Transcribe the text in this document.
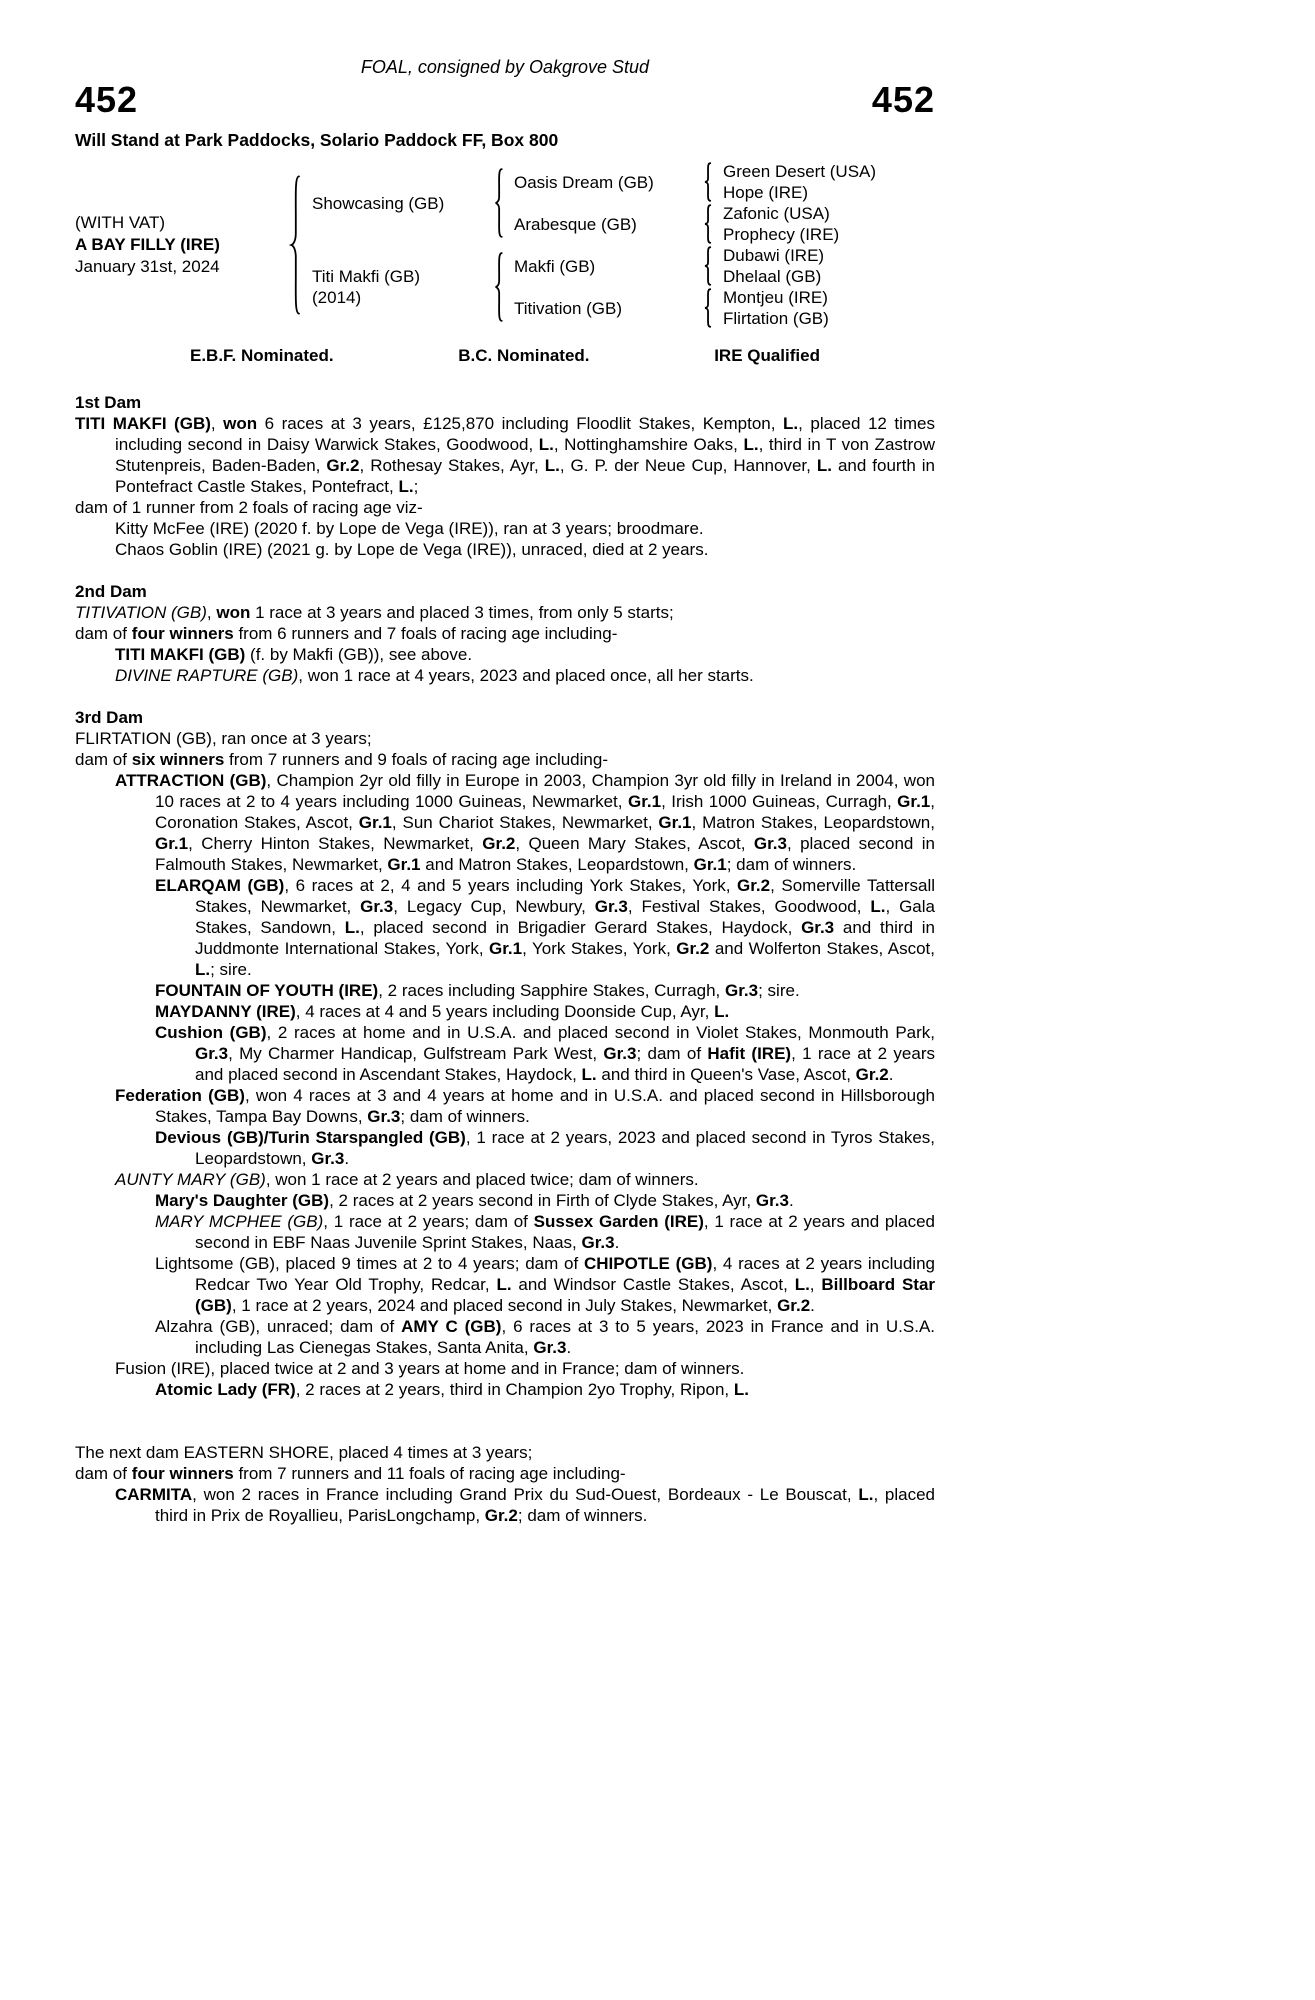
FOAL, consigned by Oakgrove Stud
452	452
Will Stand at Park Paddocks, Solario Paddock FF, Box 800
(WITH VAT)
A BAY FILLY (IRE)
January 31st, 2024
Showcasing (GB)
Oasis Dream (GB)
Green Desert (USA)
Hope (IRE)
Arabesque (GB)
Zafonic (USA)
Prophecy (IRE)
Titi Makfi (GB)
(2014)
Makfi (GB)
Dubawi (IRE)
Dhelaal (GB)
Titivation (GB)
Montjeu (IRE)
Flirtation (GB)
E.B.F. Nominated.	B.C. Nominated.	IRE Qualified
1st Dam

TITI MAKFI (GB), won 6 races at 3 years, £125,870 including Floodlit Stakes, Kempton, L., placed 12 times including second in Daisy Warwick Stakes, Goodwood, L., Nottinghamshire Oaks, L., third in T von Zastrow Stutenpreis, Baden-Baden, Gr.2, Rothesay Stakes, Ayr, L., G. P. der Neue Cup, Hannover, L. and fourth in Pontefract Castle Stakes, Pontefract, L.;

dam of 1 runner from 2 foals of racing age viz-

Kitty McFee (IRE) (2020 f. by Lope de Vega (IRE)), ran at 3 years; broodmare.

Chaos Goblin (IRE) (2021 g. by Lope de Vega (IRE)), unraced, died at 2 years.

2nd Dam

TITIVATION (GB), won 1 race at 3 years and placed 3 times, from only 5 starts;

dam of four winners from 6 runners and 7 foals of racing age including-

TITI MAKFI (GB) (f. by Makfi (GB)), see above.

DIVINE RAPTURE (GB), won 1 race at 4 years, 2023 and placed once, all her starts.

3rd Dam

FLIRTATION (GB), ran once at 3 years;

dam of six winners from 7 runners and 9 foals of racing age including-

ATTRACTION (GB), Champion 2yr old filly in Europe in 2003, Champion 3yr old filly in Ireland in 2004, won 10 races at 2 to 4 years including 1000 Guineas, Newmarket, Gr.1, Irish 1000 Guineas, Curragh, Gr.1, Coronation Stakes, Ascot, Gr.1, Sun Chariot Stakes, Newmarket, Gr.1, Matron Stakes, Leopardstown, Gr.1, Cherry Hinton Stakes, Newmarket, Gr.2, Queen Mary Stakes, Ascot, Gr.3, placed second in Falmouth Stakes, Newmarket, Gr.1 and Matron Stakes, Leopardstown, Gr.1; dam of winners.

ELARQAM (GB), 6 races at 2, 4 and 5 years including York Stakes, York, Gr.2, Somerville Tattersall Stakes, Newmarket, Gr.3, Legacy Cup, Newbury, Gr.3, Festival Stakes, Goodwood, L., Gala Stakes, Sandown, L., placed second in Brigadier Gerard Stakes, Haydock, Gr.3 and third in Juddmonte International Stakes, York, Gr.1, York Stakes, York, Gr.2 and Wolferton Stakes, Ascot, L.; sire.

FOUNTAIN OF YOUTH (IRE), 2 races including Sapphire Stakes, Curragh, Gr.3; sire.

MAYDANNY (IRE), 4 races at 4 and 5 years including Doonside Cup, Ayr, L.

Cushion (GB), 2 races at home and in U.S.A. and placed second in Violet Stakes, Monmouth Park, Gr.3, My Charmer Handicap, Gulfstream Park West, Gr.3; dam of Hafit (IRE), 1 race at 2 years and placed second in Ascendant Stakes, Haydock, L. and third in Queen's Vase, Ascot, Gr.2.

Federation (GB), won 4 races at 3 and 4 years at home and in U.S.A. and placed second in Hillsborough Stakes, Tampa Bay Downs, Gr.3; dam of winners.

Devious (GB)/Turin Starspangled (GB), 1 race at 2 years, 2023 and placed second in Tyros Stakes, Leopardstown, Gr.3.

AUNTY MARY (GB), won 1 race at 2 years and placed twice; dam of winners.

Mary's Daughter (GB), 2 races at 2 years second in Firth of Clyde Stakes, Ayr, Gr.3.

MARY MCPHEE (GB), 1 race at 2 years; dam of Sussex Garden (IRE), 1 race at 2 years and placed second in EBF Naas Juvenile Sprint Stakes, Naas, Gr.3.

Lightsome (GB), placed 9 times at 2 to 4 years; dam of CHIPOTLE (GB), 4 races at 2 years including Redcar Two Year Old Trophy, Redcar, L. and Windsor Castle Stakes, Ascot, L., Billboard Star (GB), 1 race at 2 years, 2024 and placed second in July Stakes, Newmarket, Gr.2.

Alzahra (GB), unraced; dam of AMY C (GB), 6 races at 3 to 5 years, 2023 in France and in U.S.A. including Las Cienegas Stakes, Santa Anita, Gr.3.

Fusion (IRE), placed twice at 2 and 3 years at home and in France; dam of winners.

Atomic Lady (FR), 2 races at 2 years, third in Champion 2yo Trophy, Ripon, L.

The next dam EASTERN SHORE, placed 4 times at 3 years;

dam of four winners from 7 runners and 11 foals of racing age including-

CARMITA, won 2 races in France including Grand Prix du Sud-Ouest, Bordeaux - Le Bouscat, L., placed third in Prix de Royallieu, ParisLongchamp, Gr.2; dam of winners.
